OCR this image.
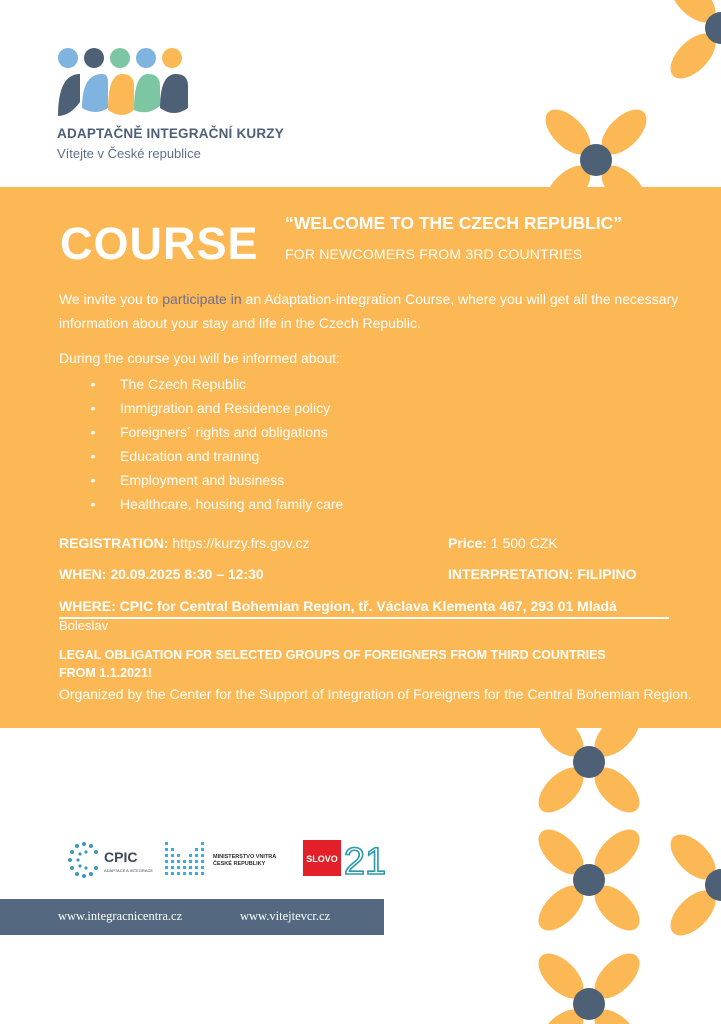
ADAPTAČNĚ INTEGRAČNÍ KURZY
Vítejte v České republice
COURSE “WELCOME TO THE CZECH REPUBLIC”
FOR NEWCOMERS FROM 3RD COUNTRIES

We invite you to participate in an Adaptation-integration Course, where you will get all the necessary information about your stay and life in the Czech Republic.

During the course you will be informed about:
• The Czech Republic
• Immigration and Residence policy
• Foreigners´ rights and obligations
• Education and training
• Employment and business
• Healthcare, housing and family care
REGISTRATION: https://kurzy.frs.gov.cz	Price: 1 500 CZK
WHEN: 20.09.2025 8:30 – 12:30	INTERPRETATION: FILIPINO
WHERE: CPIC for Central Bohemian Region, tř. Václava Klementa 467, 293 01 Mladá
Boleslav
LEGAL OBLIGATION FOR SELECTED GROUPS OF FOREIGNERS FROM THIRD COUNTRIES
FROM 1.1.2021!
Organized by the Center for the Support of Integration of Foreigners for the Central Bohemian Region.
CPIC
ADAPTACE A INTEGRACE
MINISTERSTVO VNITRA
ČESKÉ REPUBLIKY	SLOVO 21
www.integracnicentra.cz	www.vitejtevcr.cz
